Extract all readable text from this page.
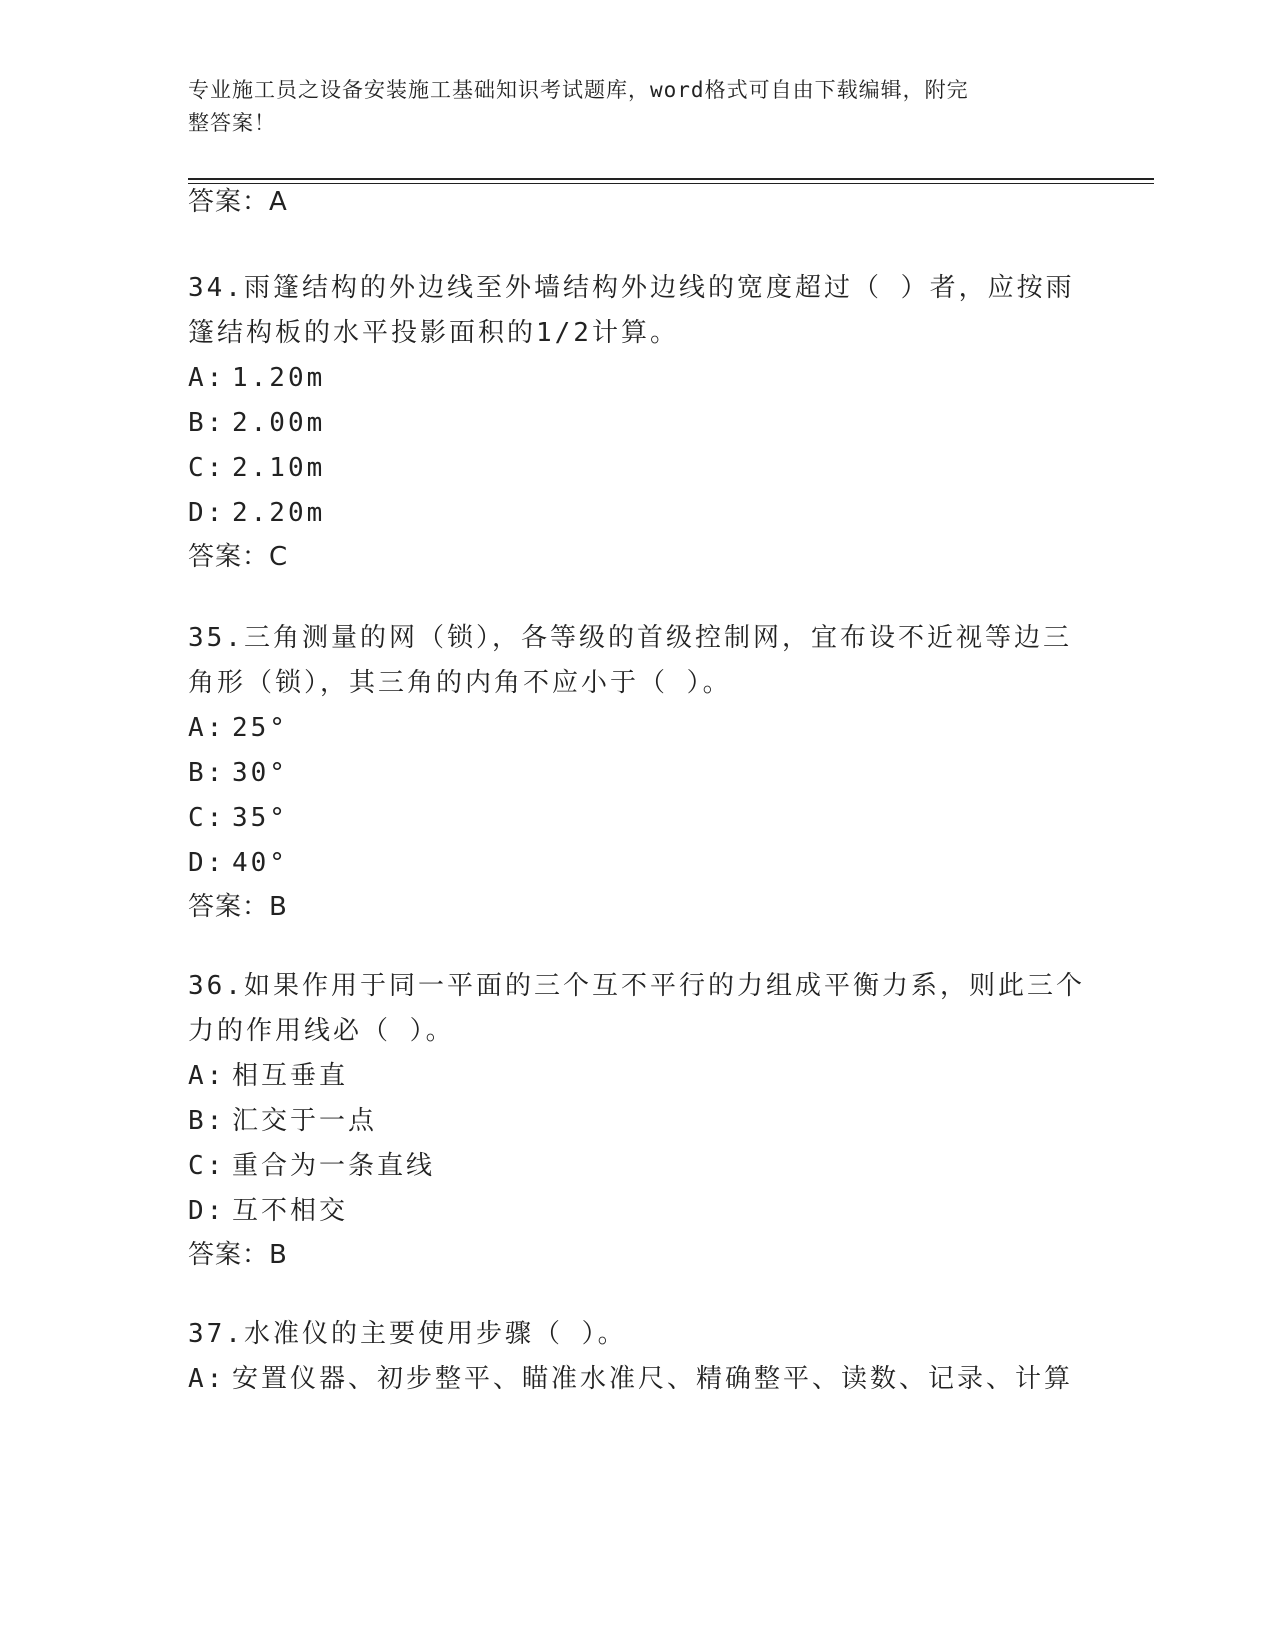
专业施工员之设备安装施工基础知识考试题库，word格式可自由下载编辑，附完
整答案！

答案：A

34.雨篷结构的外边线至外墙结构外边线的宽度超过（ ）者，应按雨篷结构板的水平投影面积的1/2计算。

A: 1.20m

B: 2.00m

C: 2.10m

D: 2.20m

答案：C

35.三角测量的网（锁），各等级的首级控制网，宜布设不近视等边三角形（锁），其三角的内角不应小于（ ）。

A: 25°

B: 30°

C: 35°

D: 40°

答案：B

36.如果作用于同一平面的三个互不平行的力组成平衡力系，则此三个力的作用线必（ ）。

A: 相互垂直

B: 汇交于一点

C: 重合为一条直线

D: 互不相交

答案：B

37.水准仪的主要使用步骤（ ）。

A: 安置仪器、初步整平、瞄准水准尺、精确整平、读数、记录、计算
